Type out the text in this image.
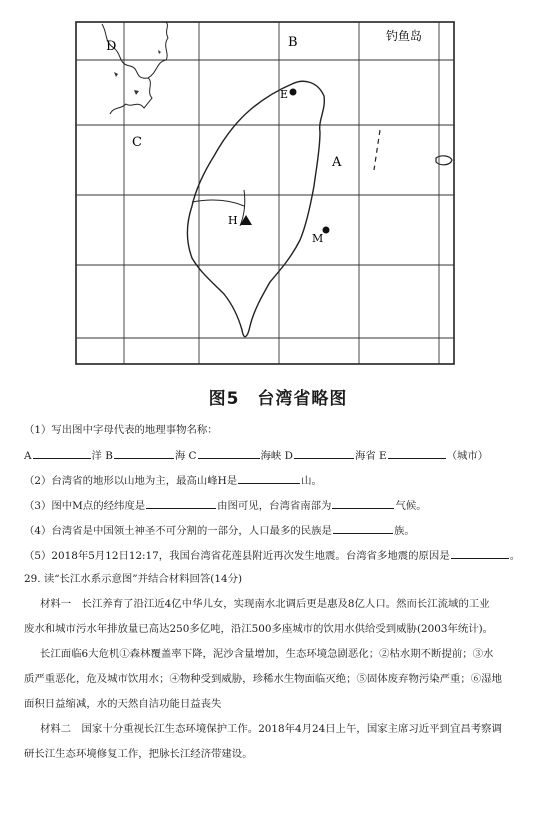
D	B
C
A
E
H
M
钓鱼岛
图5　台湾省略图
（1）写出图中字母代表的地理事物名称：
A	洋 B	海 C	海峡 D	海省 E	（城市）
（2）台湾省的地形以山地为主，最高山峰H是	山。
（3）图中M点的经纬度是	由图可见，台湾省南部为	气候。
（4）台湾省是中国领土神圣不可分割的一部分，人口最多的民族是	族。
（5）2018年5月12日12:17，我国台湾省花莲县附近再次发生地震。台湾省多地震的原因是	。
29. 读“长江水系示意图”并结合材料回答(14分)
材料一　长江养育了沿江近4亿中华儿女，实现南水北调后更是惠及8亿人口。然而长江流域的工业
废水和城市污水年排放量已高达250多亿吨，沿江500多座城市的饮用水供给受到威胁(2003年统计)。
长江面临6大危机①森林覆盖率下降，泥沙含量增加，生态环境急剧恶化；②枯水期不断提前；③水
质严重恶化，危及城市饮用水；④物种受到威胁，珍稀水生物面临灭绝；⑤固体废弃物污染严重；⑥湿地
面积日益缩减，水的天然自洁功能日益丧失
材料二　国家十分重视长江生态环境保护工作。2018年4月24日上午，国家主席习近平到宜昌考察调
研长江生态环境修复工作，把脉长江经济带建设。
